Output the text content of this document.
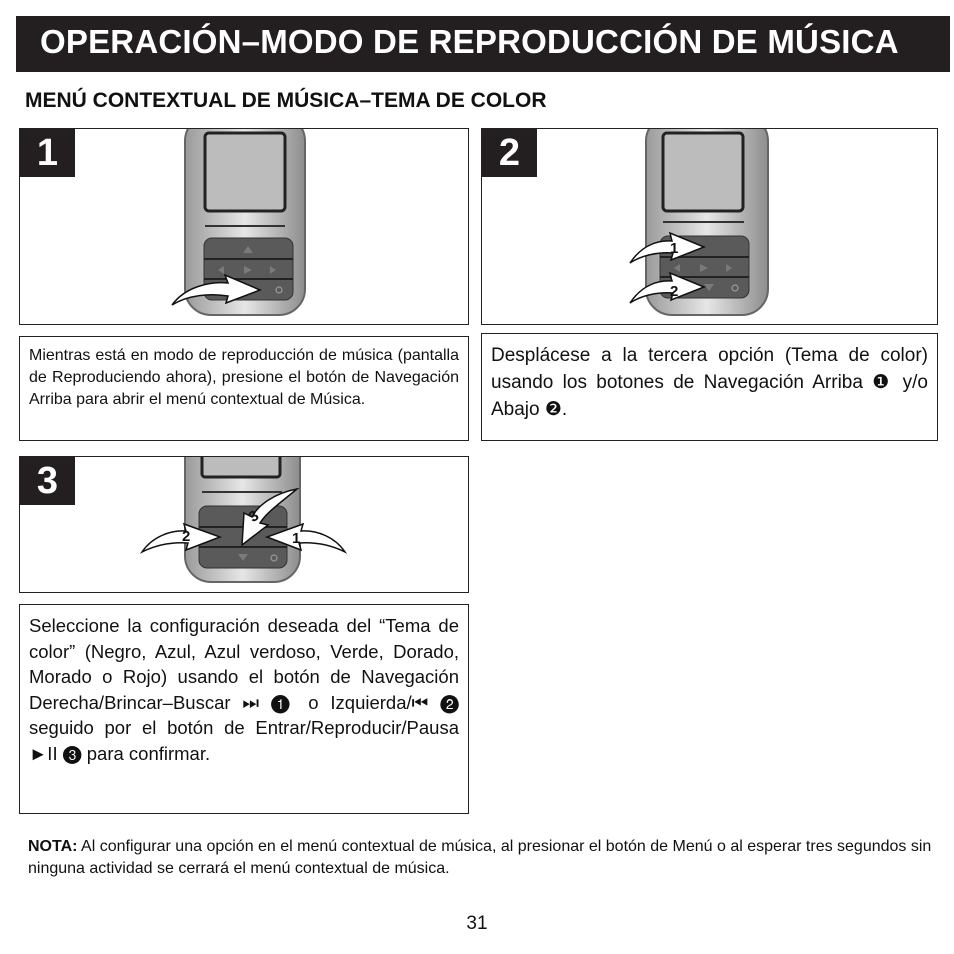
OPERACIÓN–MODO DE REPRODUCCIÓN DE MÚSICA
MENÚ CONTEXTUAL DE MÚSICA–TEMA DE COLOR
1	2
1
2
Mientras está en modo de reproducción de música (pantalla de Reproduciendo ahora), presione el botón de Navegación Arriba para abrir el menú contextual de Música.
Desplácese a la tercera opción (Tema de color) usando los botones de Navegación Arriba ❶ y/o Abajo ❷.
3
2
3
1
Seleccione la configuración deseada del “Tema de color” (Negro, Azul, Azul verdoso, Verde, Dorado, Morado o Rojo) usando el botón de Navegación Derecha/Brincar–Buscar ⏭ ❶ o Izquierda/⏮ ❷ seguido por el botón de Entrar/Reproducir/Pausa ►II ❸ para confirmar.
NOTA: Al configurar una opción en el menú contextual de música, al presionar el botón de Menú o al esperar tres segundos sin ninguna actividad se cerrará el menú contextual de música.
31
